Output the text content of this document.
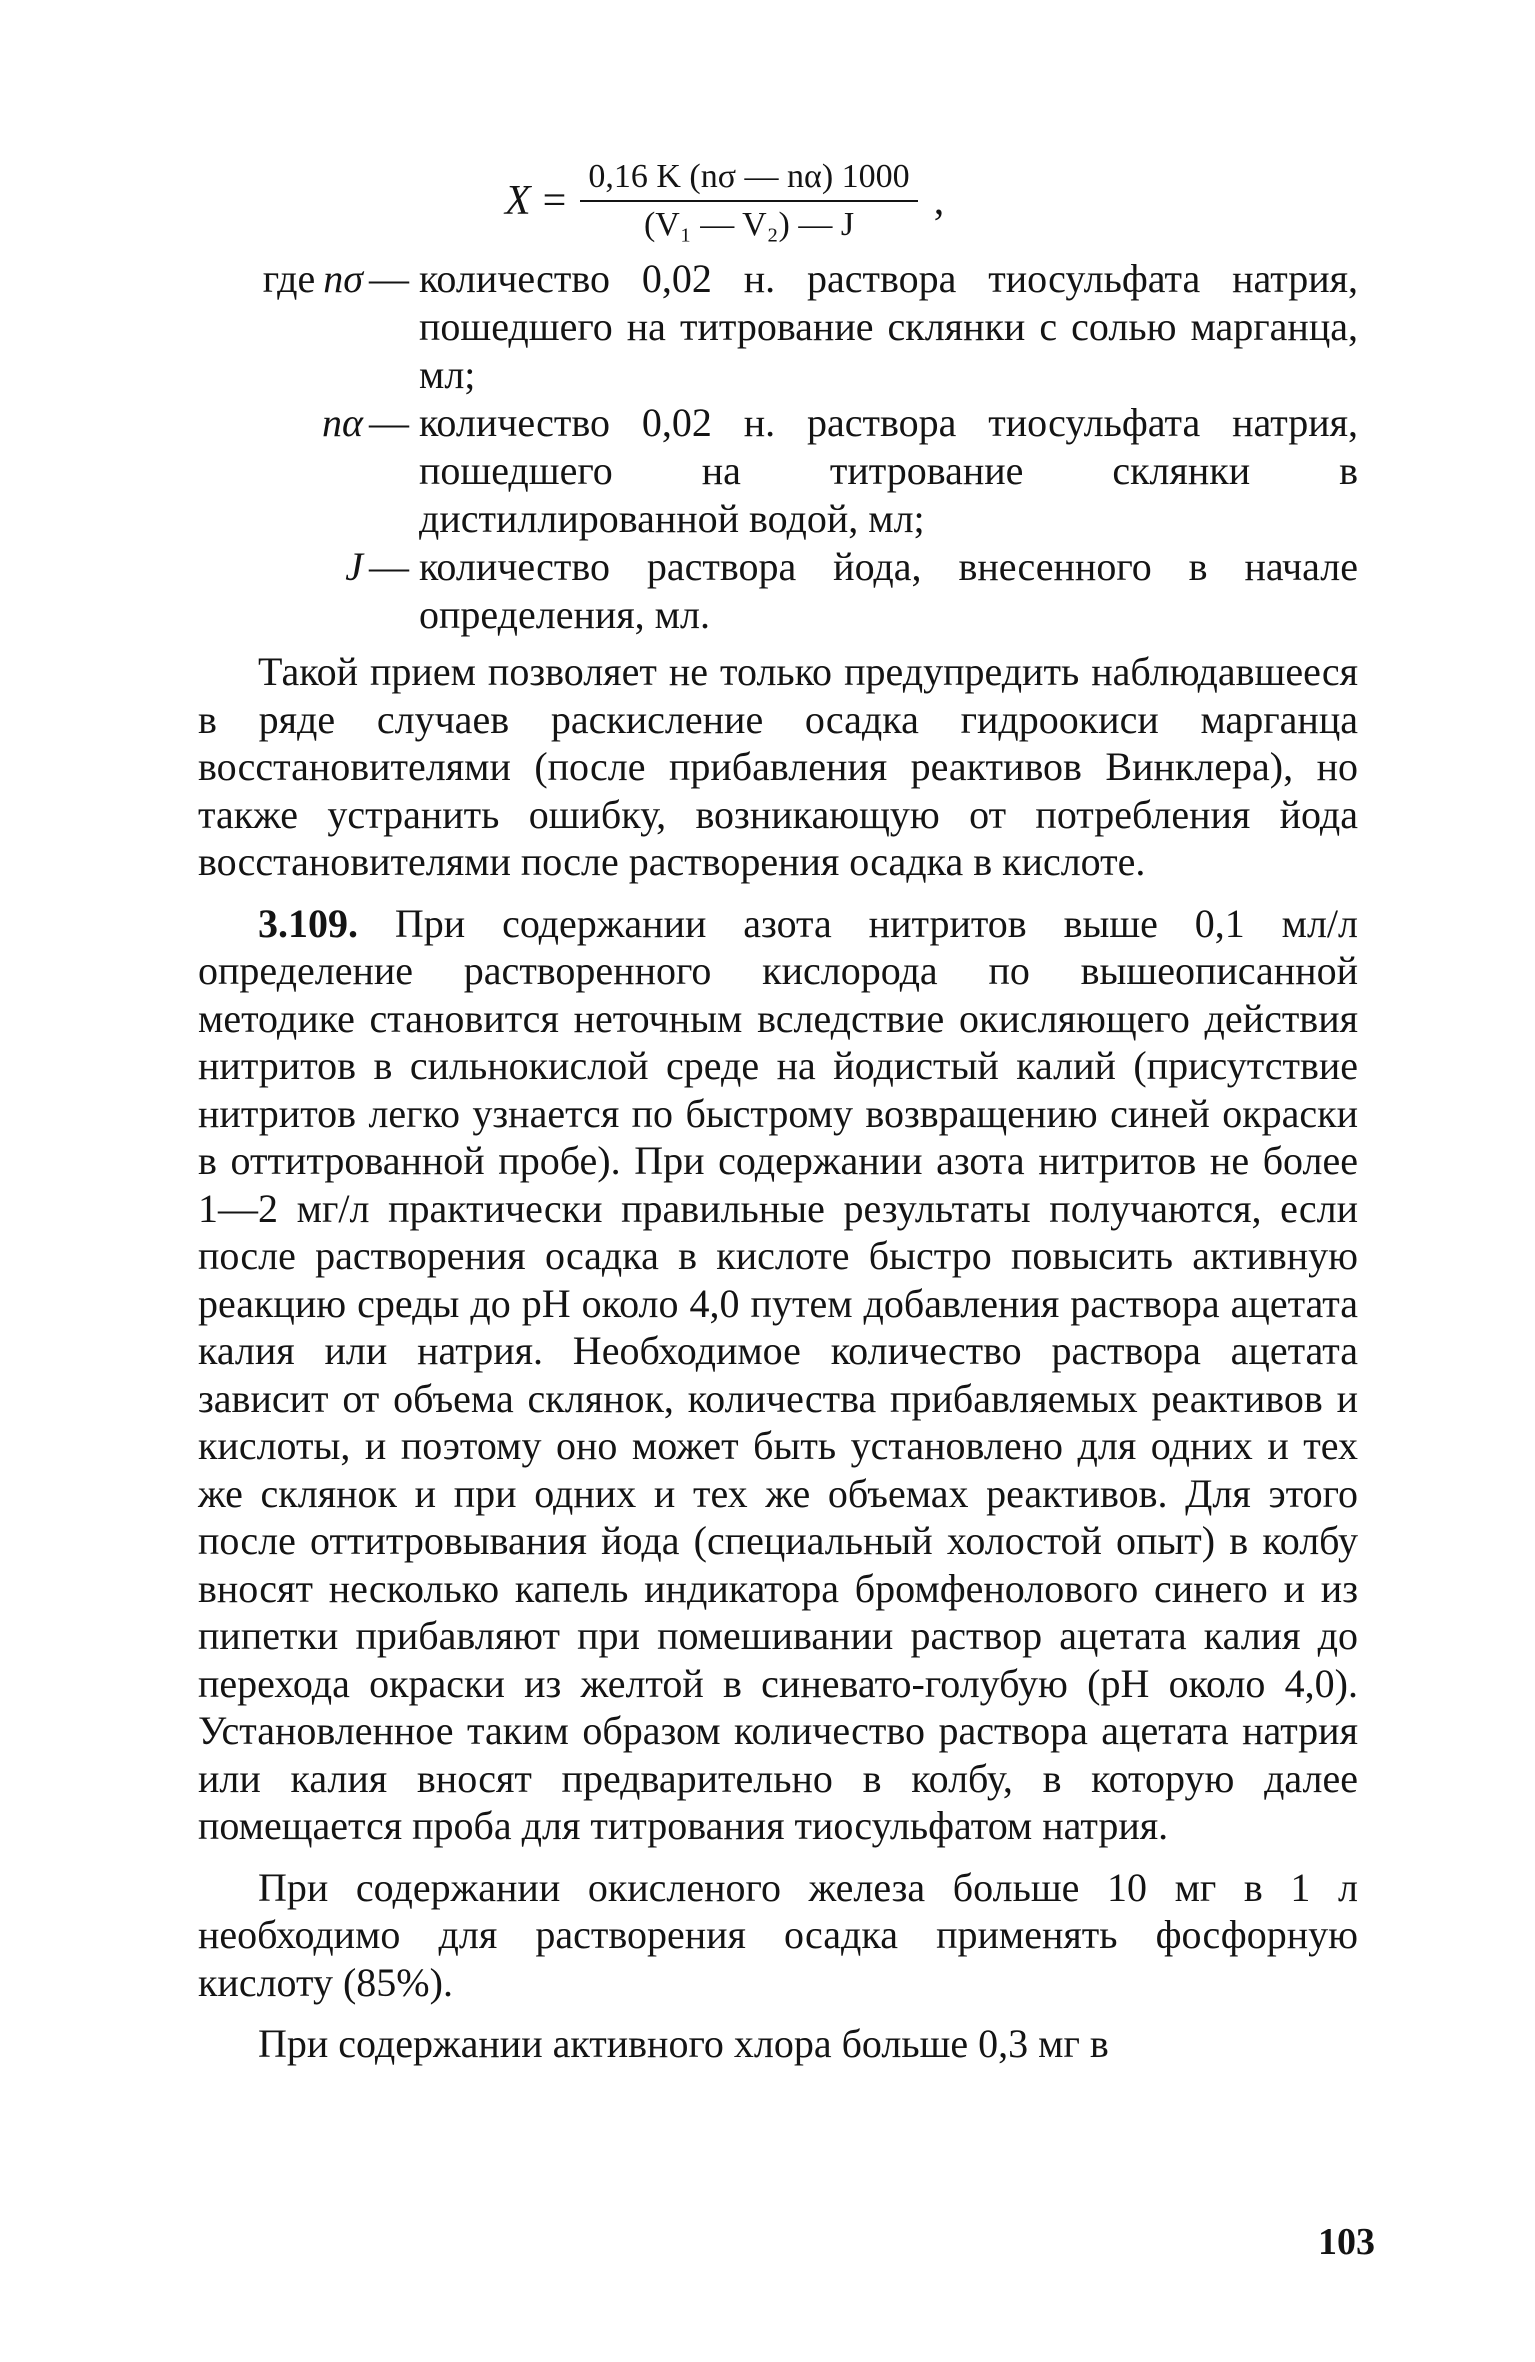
$X = \frac{0,16 K (n\sigma — n\alpha) 1000}{\text{(V₁ — V₂) — J}}$ ,
где nσ — количество 0,02 н. раствора тиосульфата натрия, пошедшего на титрование склянки с солью марганца, мл;
nα — количество 0,02 н. раствора тиосульфата натрия, пошедшего на титрование склянки в дистиллированной водой, мл;
J — количество раствора йода, внесенного в начале определения, мл.

Такой прием позволяет не только предупредить наблюдавшееся в ряде случаев раскисление осадка гидроокиси марганца восстановителями (после прибавления реактивов Винклера), но также устранить ошибку, возникающую от потребления йода восстановителями после растворения осадка в кислоте.

3.109. При содержании азота нитритов выше 0,1 мл/л определение растворенного кислорода по вышеописанной методике становится неточным вследствие окисляющего действия нитритов в сильнокислой среде на йодистый калий (присутствие нитритов легко узнается по быстрому возвращению синей окраски в оттитрованной пробе). При содержании азота нитритов не более 1—2 мг/л практически правильные результаты получаются, если после растворения осадка в кислоте быстро повысить активную реакцию среды до pH около 4,0 путем добавления раствора ацетата калия или натрия. Необходимое количество раствора ацетата зависит от объема склянок, количества прибавляемых реактивов и кислоты, и поэтому оно может быть установлено для одних и тех же склянок и при одних и тех же объемах реактивов. Для этого после оттитровывания йода (специальный холостой опыт) в колбу вносят несколько капель индикатора бромфенолового синего и из пипетки прибавляют при помешивании раствор ацетата калия до перехода окраски из желтой в синевато-голубую (pH около 4,0). Установленное таким образом количество раствора ацетата натрия или калия вносят предварительно в колбу, в которую далее помещается проба для титрования тиосульфатом натрия.

При содержании окисленого железа больше 10 мг в 1 л необходимо для растворения осадка применять фосфорную кислоту (85%).

При содержании активного хлора больше 0,3 мг в

103
